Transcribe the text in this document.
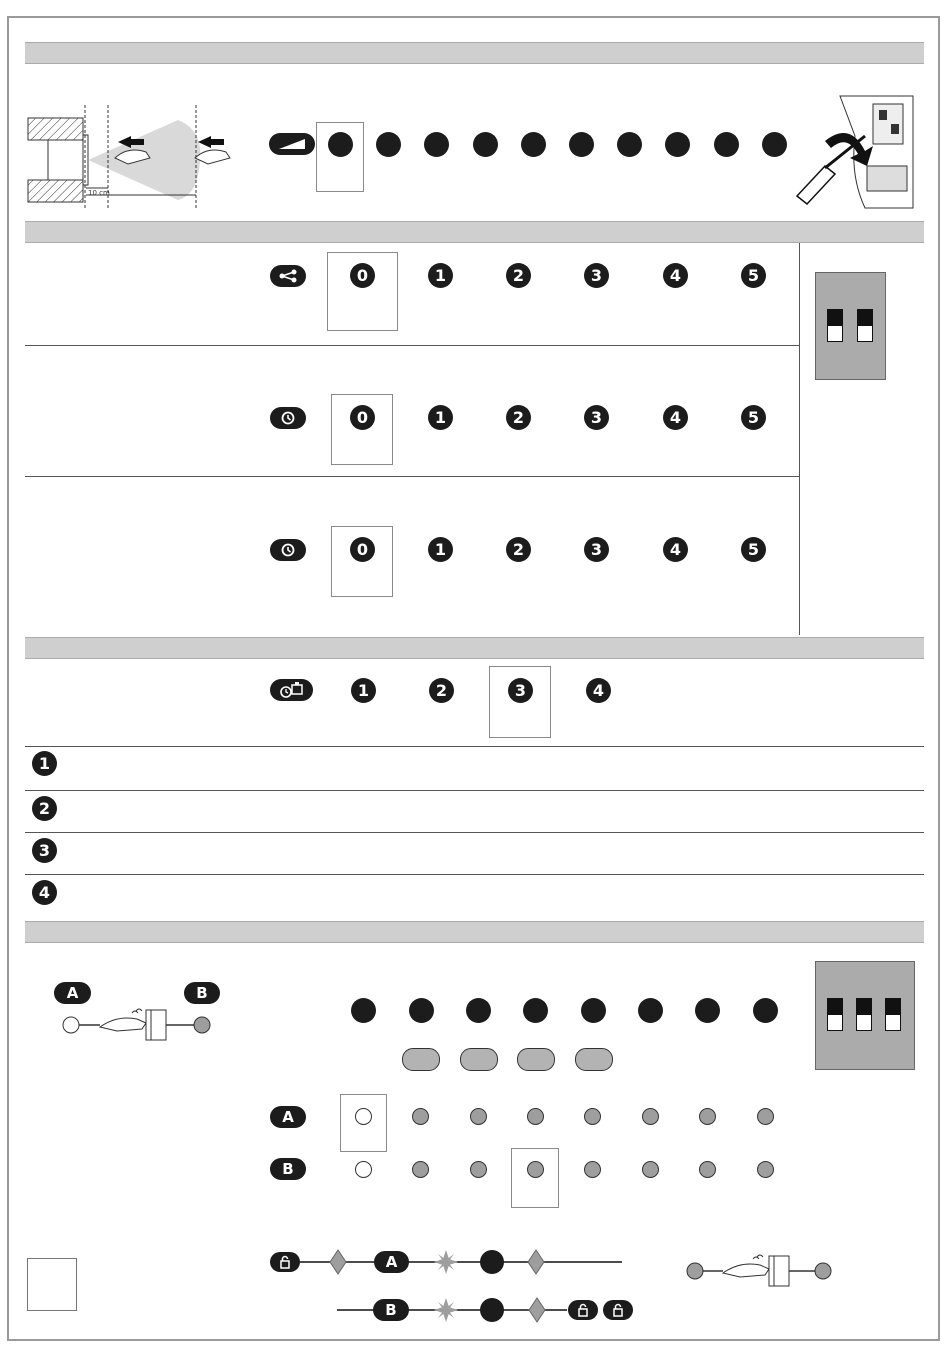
10 cm
0	1	2	3	4	5
0	1	2	3	4	5
0	1	2	3	4	5
1	2	3	4
1
2
3
4
A	B
A
B
A
B
